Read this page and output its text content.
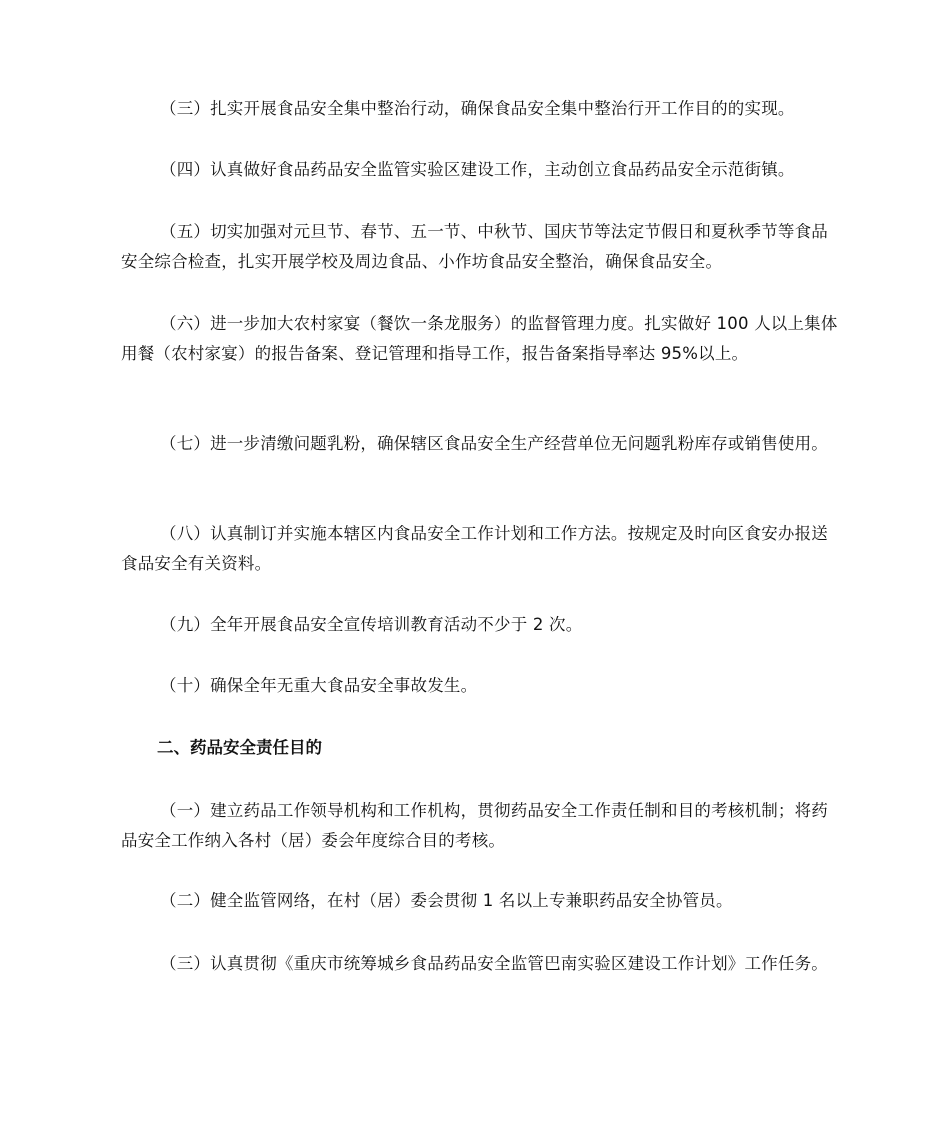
（三）扎实开展食品安全集中整治行动，确保食品安全集中整治行开工作目的的实现。

（四）认真做好食品药品安全监管实验区建设工作，主动创立食品药品安全示范街镇。

（五）切实加强对元旦节、春节、五一节、中秋节、国庆节等法定节假日和夏秋季节等食品安全综合检查，扎实开展学校及周边食品、小作坊食品安全整治，确保食品安全。

（六）进一步加大农村家宴（餐饮一条龙服务）的监督管理力度。扎实做好 100 人以上集体用餐（农村家宴）的报告备案、登记管理和指导工作，报告备案指导率达 95%以上。

（七）进一步清缴问题乳粉，确保辖区食品安全生产经营单位无问题乳粉库存或销售使用。

（八）认真制订并实施本辖区内食品安全工作计划和工作方法。按规定及时向区食安办报送食品安全有关资料。

（九）全年开展食品安全宣传培训教育活动不少于 2 次。

（十）确保全年无重大食品安全事故发生。

二、药品安全责任目的

（一）建立药品工作领导机构和工作机构，贯彻药品安全工作责任制和目的考核机制；将药品安全工作纳入各村（居）委会年度综合目的考核。

（二）健全监管网络，在村（居）委会贯彻 1 名以上专兼职药品安全协管员。

（三）认真贯彻《重庆市统筹城乡食品药品安全监管巴南实验区建设工作计划》工作任务。
